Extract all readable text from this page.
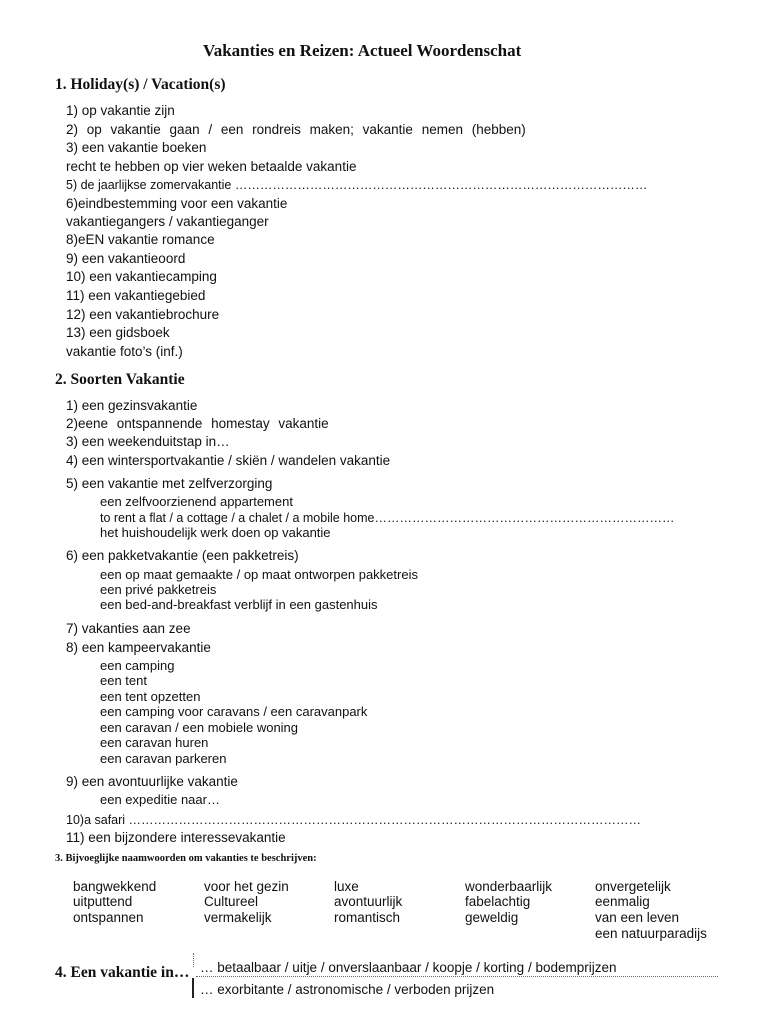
Vakanties en Reizen: Actueel Woordenschat
1. Holiday(s) / Vacation(s)
1) op vakantie zijn
2) op vakantie gaan / een rondreis maken; vakantie nemen (hebben)
3) een vakantie boeken
recht te hebben op vier weken betaalde vakantie
5) de jaarlijkse zomervakantie ………………………………………………………………………………………
6)eindbestemming voor een vakantie
vakantiegangers / vakantieganger
8)eEN vakantie romance
9) een vakantieoord
10) een vakantiecamping
11) een vakantiegebied
12) een vakantiebrochure
13) een gidsboek
vakantie foto’s (inf.)
2. Soorten Vakantie
1) een gezinsvakantie
2)eene ontspannende homestay vakantie
3) een weekenduitstap in…
4) een wintersportvakantie / skiën / wandelen vakantie
5) een vakantie met zelfverzorging
een zelfvoorzienend appartement
to rent a flat / a cottage / a chalet / a mobile home………………………………………………………………
het huishoudelijk werk doen op vakantie
6) een pakketvakantie (een pakketreis)
een op maat gemaakte / op maat ontworpen pakketreis
een privé pakketreis
een bed-and-breakfast verblijf in een gastenhuis
7) vakanties aan zee
8) een kampeervakantie
een camping
een tent
een tent opzetten
een camping voor caravans / een caravanpark
een caravan / een mobiele woning
een caravan huren
een caravan parkeren
9) een avontuurlijke vakantie
een expeditie naar…
10)a safari ……………………………………………………………………………………………………………
11) een bijzondere interessevakantie
3. Bijvoeglijke naamwoorden om vakanties te beschrijven:
bangwekkend
uitputtend
ontspannen
voor het gezin
Cultureel
vermakelijk
luxe
avontuurlijk
romantisch
wonderbaarlijk
fabelachtig
geweldig
onvergetelijk
eenmalig
van een leven
een natuurparadijs
4. Een vakantie in… … betaalbaar / uitje / onverslaanbaar / koopje / korting / bodemprijzen
… exorbitante / astronomische / verboden prijzen
